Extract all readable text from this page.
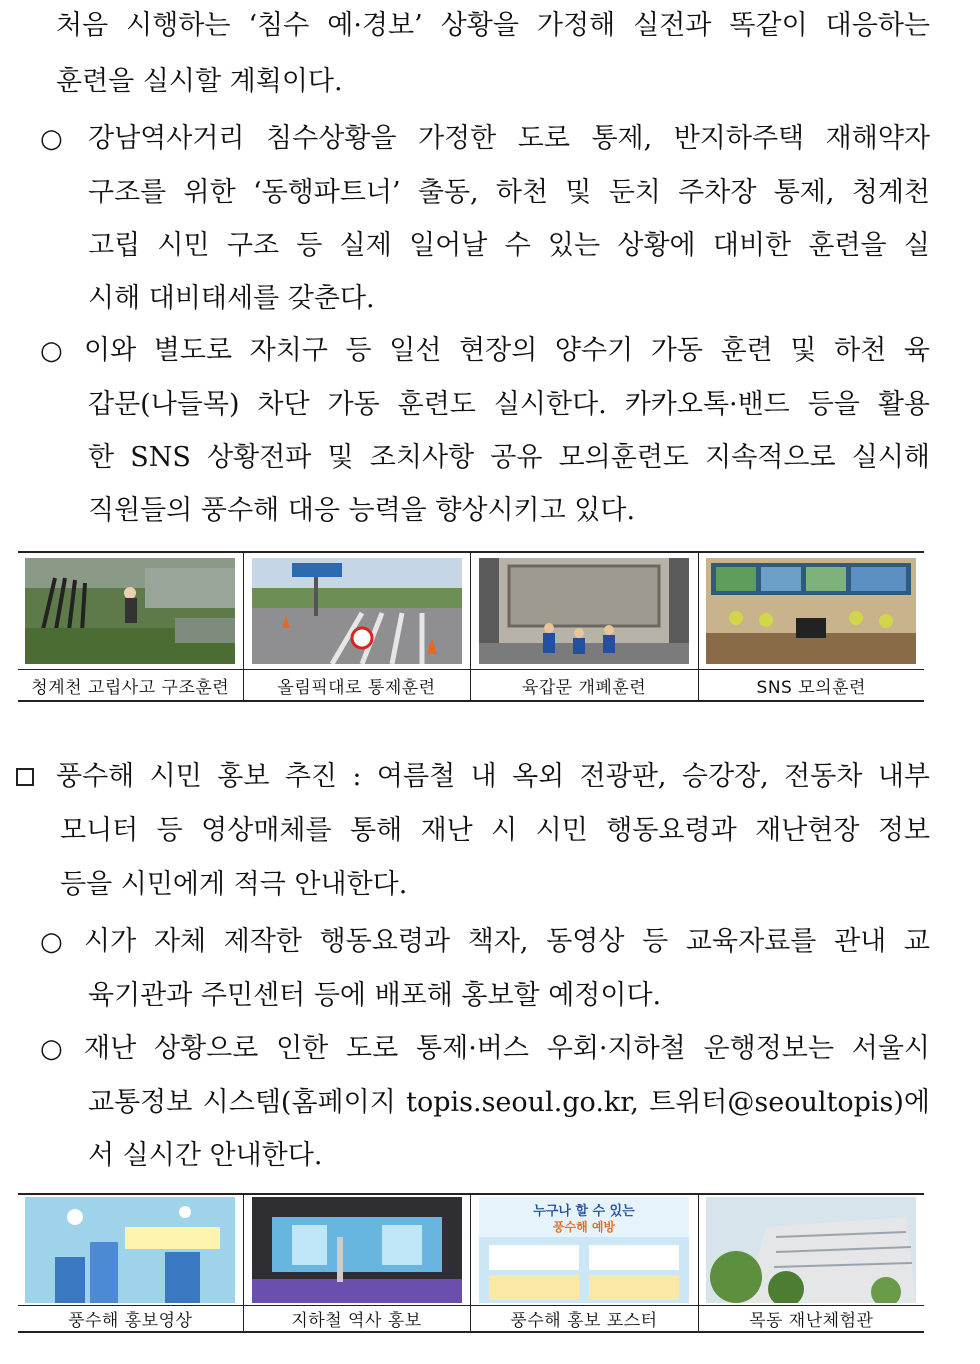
처음 시행하는 ‘침수 예·경보’ 상황을 가정해 실전과 똑같이 대응하는
훈련을 실시할 계획이다.
○ 강남역사거리 침수상황을 가정한 도로 통제, 반지하주택 재해약자
구조를 위한 ‘동행파트너’ 출동, 하천 및 둔치 주차장 통제, 청계천
고립 시민 구조 등 실제 일어날 수 있는 상황에 대비한 훈련을 실
시해 대비태세를 갖춘다.
○ 이와 별도로 자치구 등 일선 현장의 양수기 가동 훈련 및 하천 육
갑문(나들목) 차단 가동 훈련도 실시한다. 카카오톡·밴드 등을 활용
한 SNS 상황전파 및 조치사항 공유 모의훈련도 지속적으로 실시해
직원들의 풍수해 대응 능력을 향상시키고 있다.

청계천 고립사고 구조훈련	올림픽대로 통제훈련	육갑문 개폐훈련	SNS 모의훈련
풍수해 시민 홍보 추진 : 여름철 내 옥외 전광판, 승강장, 전동차 내부
모니터 등 영상매체를 통해 재난 시 시민 행동요령과 재난현장 정보
등을 시민에게 적극 안내한다.
○ 시가 자체 제작한 행동요령과 책자, 동영상 등 교육자료를 관내 교
육기관과 주민센터 등에 배포해 홍보할 예정이다.
○ 재난 상황으로 인한 도로 통제·버스 우회·지하철 운행정보는 서울시
교통정보 시스템(홈페이지 topis.seoul.go.kr, 트위터@seoultopis)에
서 실시간 안내한다.

누구나 할 수 있는
풍수해 예방

풍수해 홍보영상	지하철 역사 홍보	풍수해 홍보 포스터	목동 재난체험관
